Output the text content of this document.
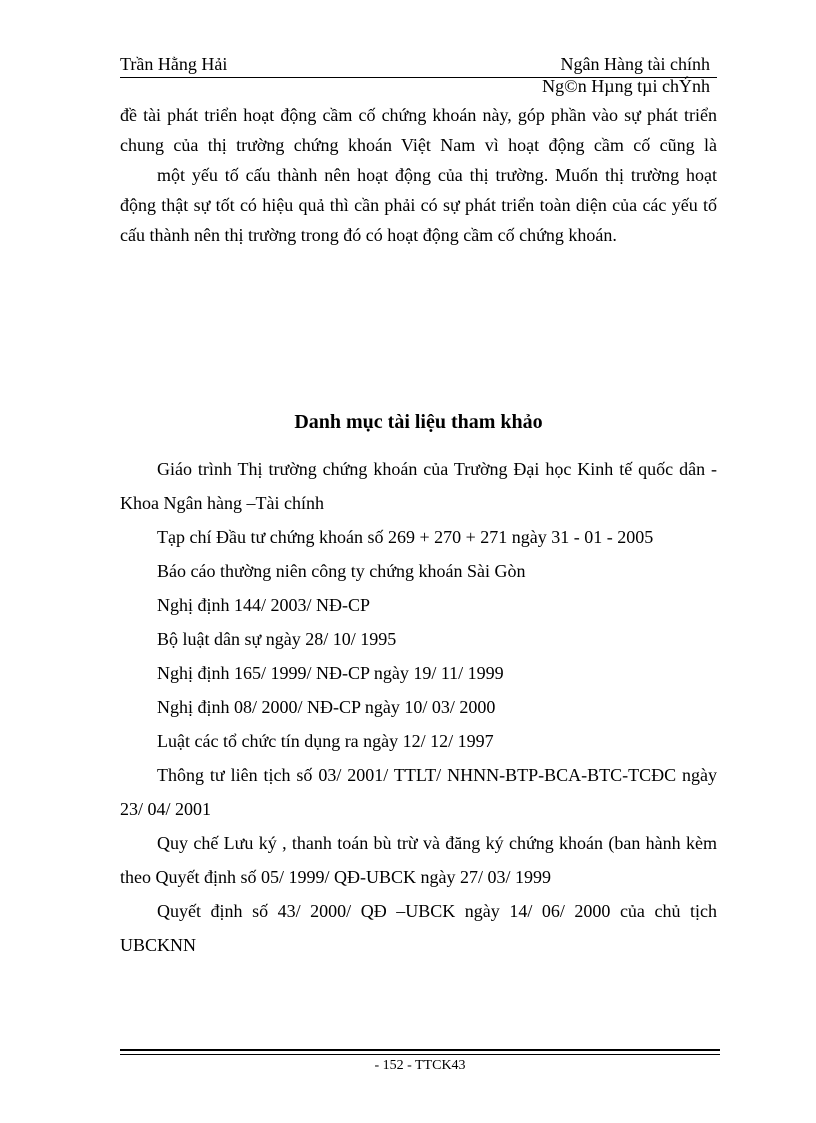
Trần Hằng Hải	Ngân Hàng tài chính
Ng©n Hµng tµi chÝnh

đề tài phát triển hoạt động cầm cố chứng khoán này, góp phần vào sự phát triển chung của thị trường chứng khoán Việt Nam vì hoạt động cầm cố cũng là

một yếu tố cấu thành nên hoạt động của thị trường. Muốn thị trường hoạt động thật sự tốt có hiệu quả thì cần phải có sự phát triển toàn diện của các yếu tố cấu thành nên thị trường trong đó có hoạt động cầm cố chứng khoán.

Danh mục tài liệu tham khảo

Giáo trình Thị trường chứng khoán của Trường Đại học Kinh tế quốc dân - Khoa Ngân hàng –Tài chính

Tạp chí Đầu tư chứng khoán số 269 + 270 + 271 ngày 31 - 01 - 2005

Báo cáo thường niên công ty chứng khoán Sài Gòn

Nghị định 144/ 2003/ NĐ-CP

Bộ luật dân sự ngày 28/ 10/ 1995

Nghị định 165/ 1999/ NĐ-CP ngày 19/ 11/ 1999

Nghị định 08/ 2000/ NĐ-CP ngày 10/ 03/ 2000

Luật các tổ chức tín dụng ra ngày 12/ 12/ 1997

Thông tư liên tịch số 03/ 2001/ TTLT/ NHNN-BTP-BCA-BTC-TCĐC ngày 23/ 04/ 2001

Quy chế Lưu ký , thanh toán bù trừ và đăng ký chứng khoán (ban hành kèm theo Quyết định số 05/ 1999/ QĐ-UBCK ngày 27/ 03/ 1999

Quyết định số 43/ 2000/ QĐ –UBCK ngày 14/ 06/ 2000 của chủ tịch UBCKNN

- 152 - TTCK43
